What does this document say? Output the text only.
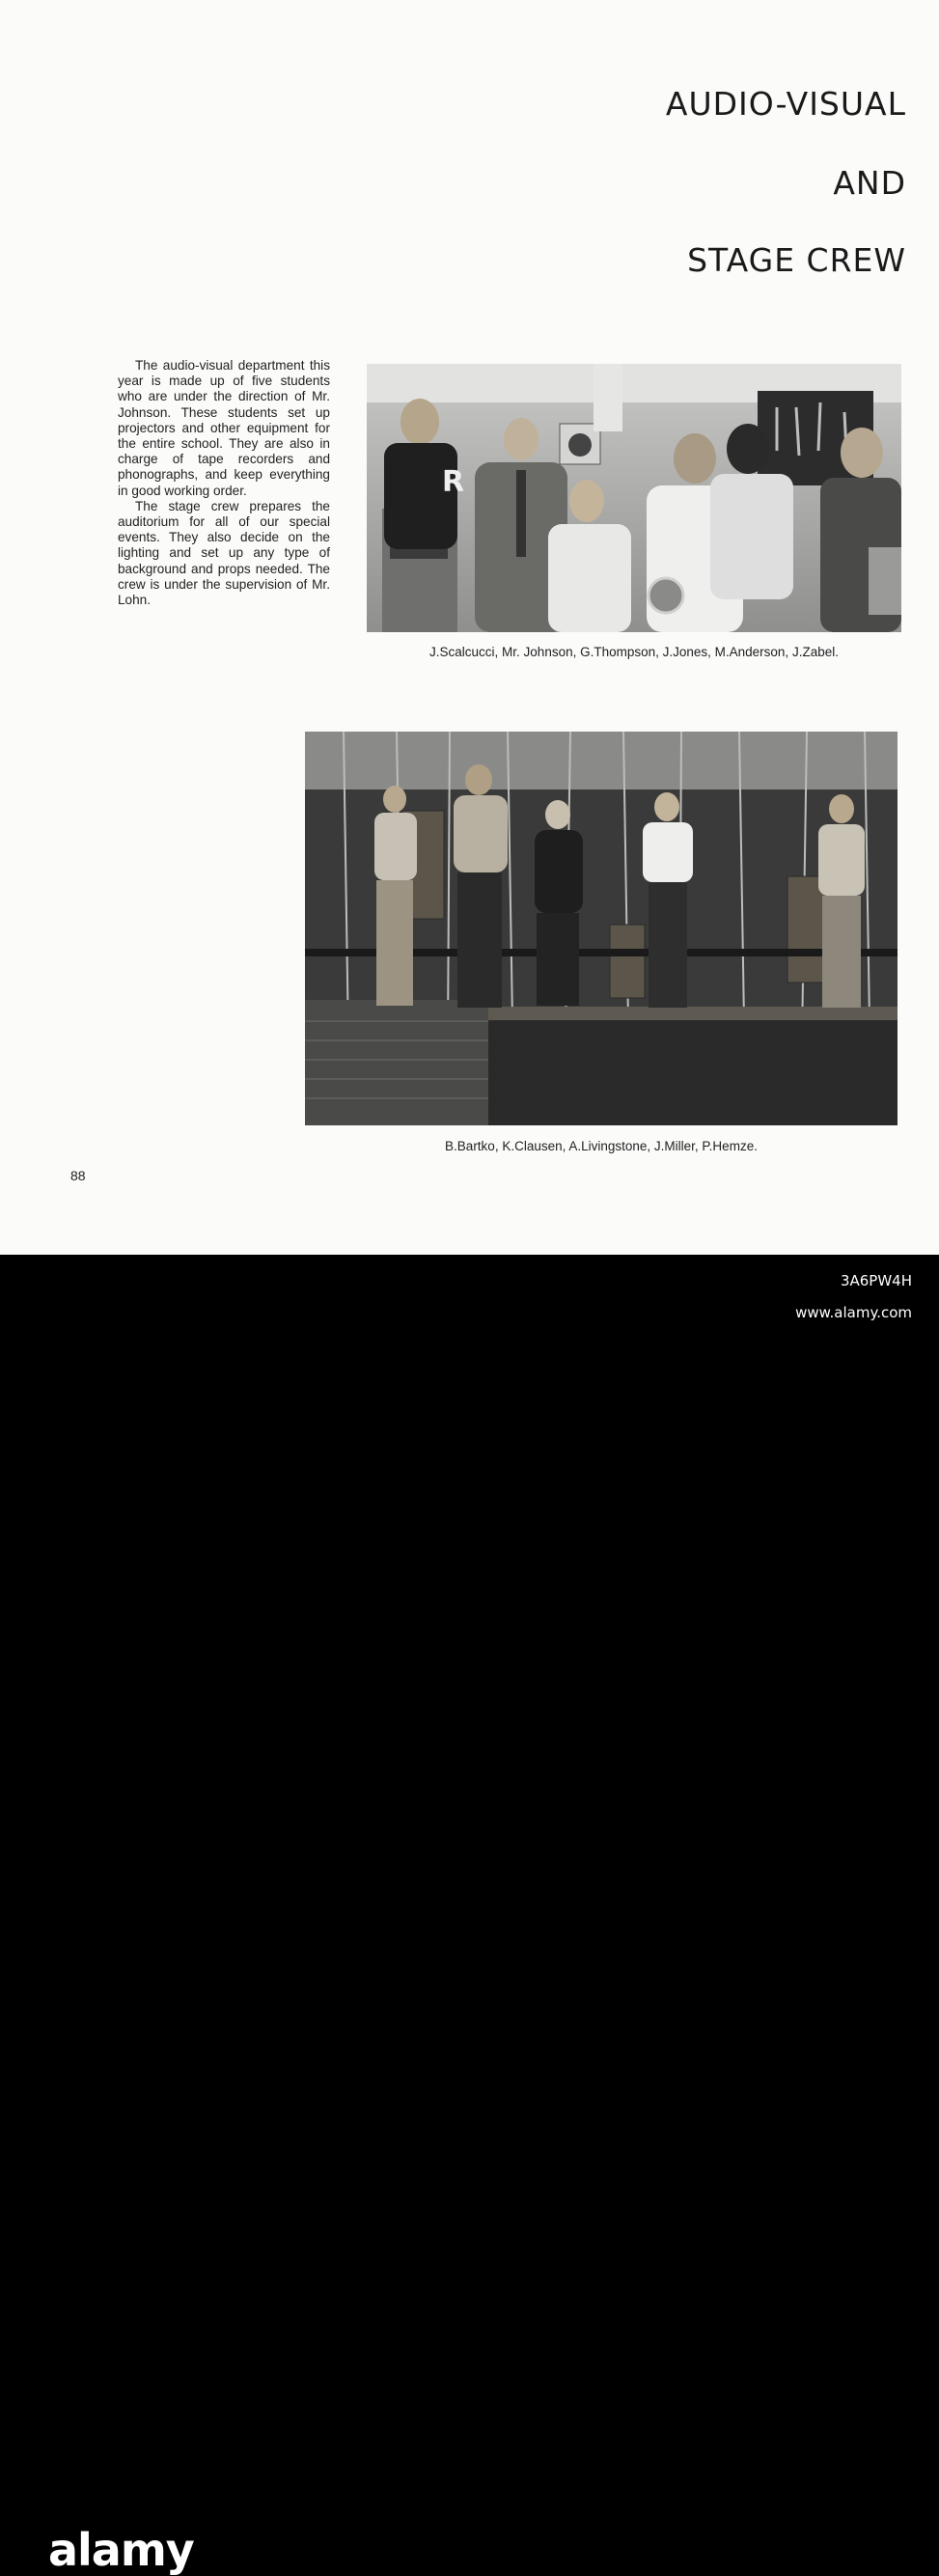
AUDIO-VISUAL
AND
STAGE CREW

The audio-visual department this year is made up of five students who are under the direction of Mr. Johnson. These students set up projectors and other equipment for the entire school. They are also in charge of tape recorders and phonographs, and keep everything in good working order.

The stage crew prepares the auditorium for all of our special events. They also decide on the lighting and set up any type of background and props needed. The crew is under the supervision of Mr. Lohn.

R
J.Scalcucci, Mr. Johnson, G.Thompson, J.Jones, M.Anderson, J.Zabel.
B.Bartko, K.Clausen, A.Livingstone, J.Miller, P.Hemze.
88
alamy
3A6PW4H
www.alamy.com
